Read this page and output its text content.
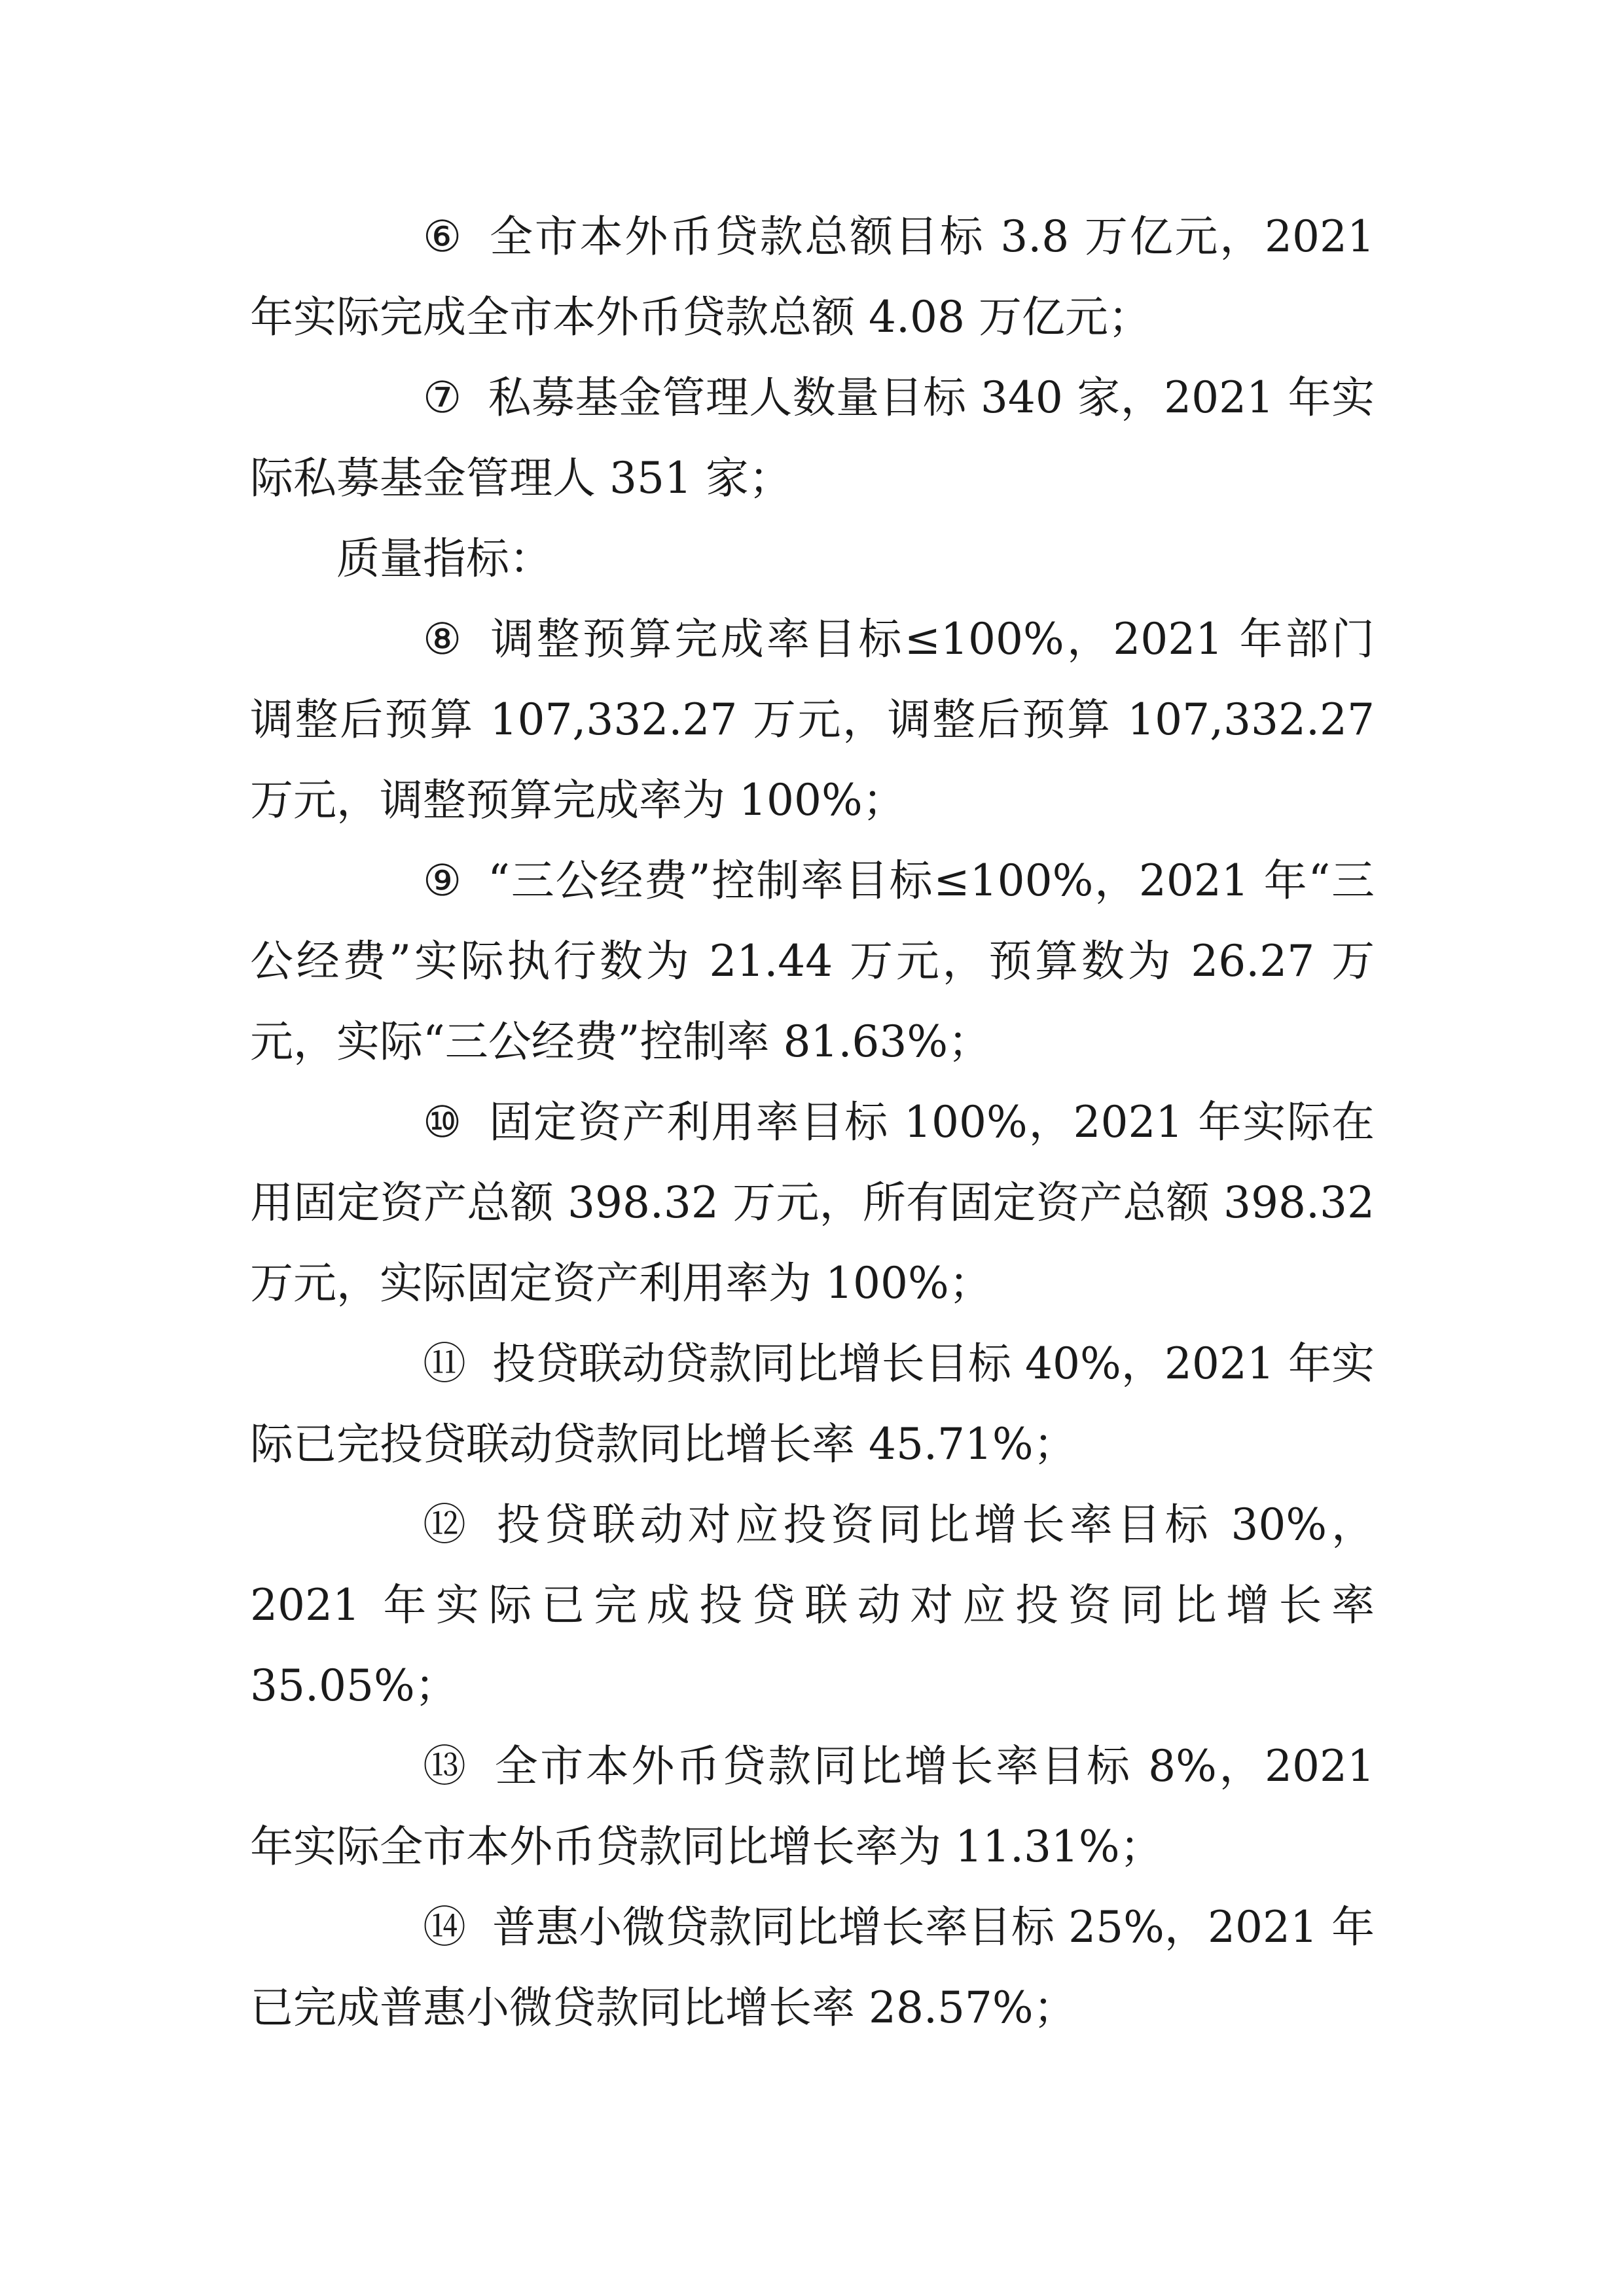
⑥ 全市本外币贷款总额目标 3.8 万亿元，2021 年实际完成全市本外币贷款总额 4.08 万亿元；

⑦ 私募基金管理人数量目标 340 家，2021 年实际私募基金管理人 351 家；

质量指标：

⑧ 调整预算完成率目标≤100%，2021 年部门调整后预算 107,332.27 万元，调整后预算 107,332.27 万元，调整预算完成率为 100%；

⑨ “三公经费”控制率目标≤100%，2021 年“三公经费”实际执行数为 21.44 万元，预算数为 26.27 万元，实际“三公经费”控制率 81.63%；

⑩ 固定资产利用率目标 100%，2021 年实际在用固定资产总额 398.32 万元，所有固定资产总额 398.32 万元，实际固定资产利用率为 100%；

⑪ 投贷联动贷款同比增长目标 40%，2021 年实际已完投贷联动贷款同比增长率 45.71%；

⑫ 投贷联动对应投资同比增长率目标 30%，2021 年实际已完成投贷联动对应投资同比增长率 35.05%；

⑬ 全市本外币贷款同比增长率目标 8%，2021 年实际全市本外币贷款同比增长率为 11.31%；

⑭ 普惠小微贷款同比增长率目标 25%，2021 年已完成普惠小微贷款同比增长率 28.57%；
